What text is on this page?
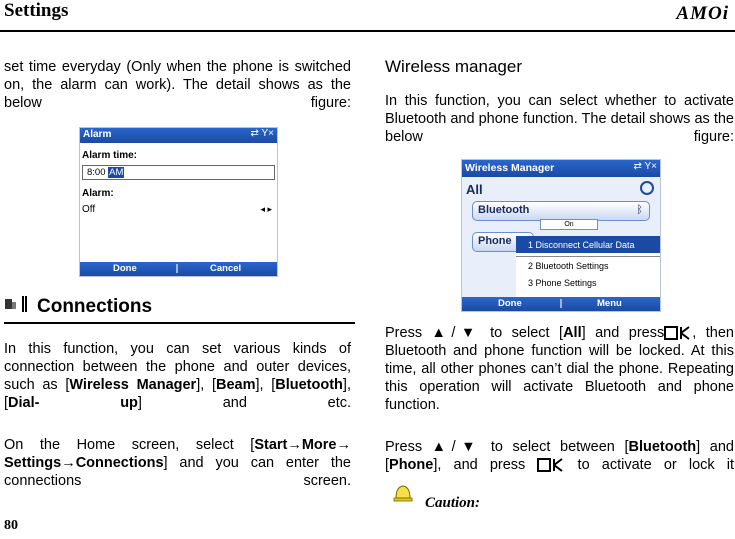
Settings	AMOi

set time everyday (Only when the phone is switched on, the alarm can work). The detail shows as the below figure:

Alarm	⇄ Y×
Alarm time:
8:00 AM
Alarm:
Off	◂ ▸
Done	Cancel
Connections

In this function, you can set various kinds of connection between the phone and outer devices, such as [Wireless Manager], [Beam], [Bluetooth], [Dial- up] and etc.

On the Home screen, select [Start→More→ Settings→Connections] and you can enter the connections screen.

Wireless manager

In this function, you can select whether to activate Bluetooth and phone function. The detail shows as the below figure:

Wireless Manager	⇄ Y×
All
Bluetooth	ᛒ
On
Phone	1 Disconnect Cellular Data
2 Bluetooth Settings
3 Phone Settings
Done	Menu

Press ▲/▼ to select [All] and press , then Bluetooth and phone function will be locked. At this time, all other phones can’t dial the phone. Repeating this operation will activate Bluetooth and phone function.

Press ▲/▼ to select between [Bluetooth] and [Phone], and press	to activate or lock it

Caution:
80
